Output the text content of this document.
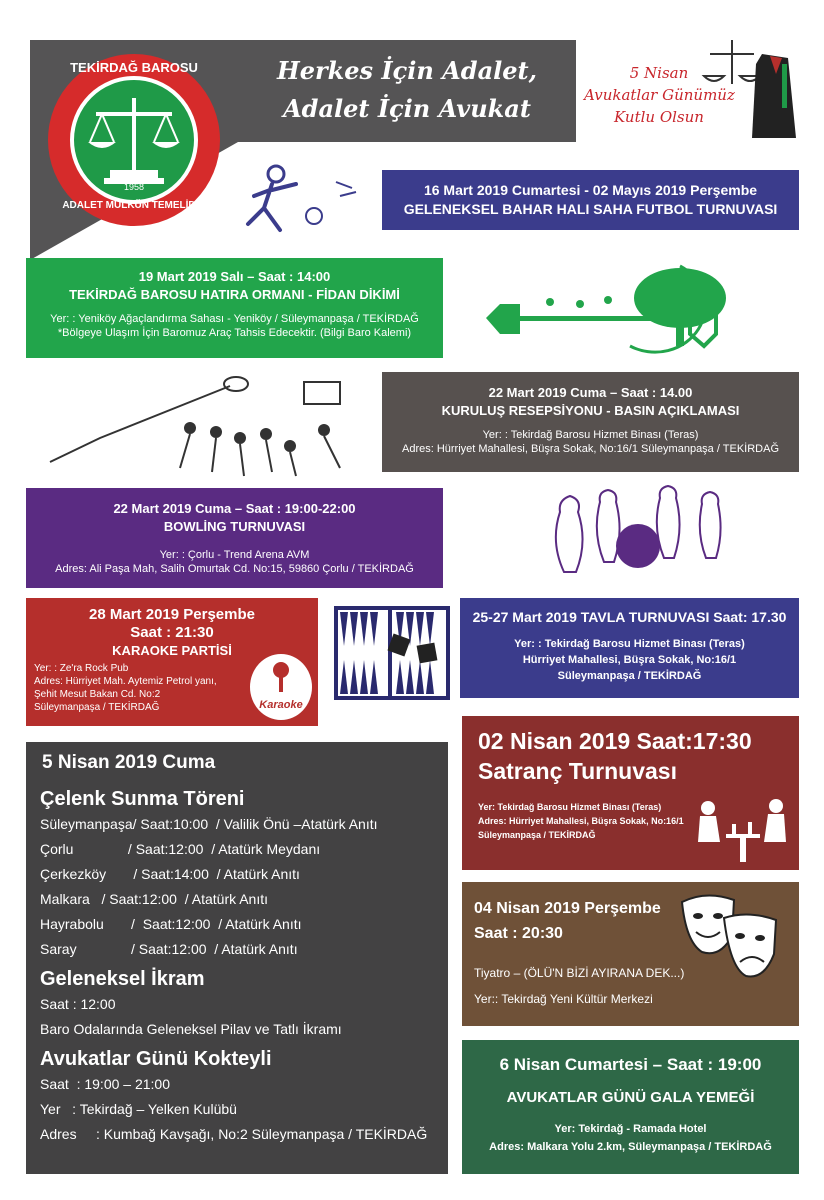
Herkes İçin Adalet,
Adalet İçin Avukat
TEKİRDAĞ BAROSU
ADALET MÜLKÜN TEMELİDİR
1958
5 Nisan
Avukatlar Günümüz
Kutlu Olsun
16 Mart 2019 Cumartesi - 02 Mayıs 2019 Perşembe
GELENEKSEL BAHAR HALI SAHA FUTBOL TURNUVASI
19 Mart 2019 Salı – Saat : 14:00
TEKİRDAĞ BAROSU HATIRA ORMANI - FİDAN DİKİMİ
Yer: : Yeniköy Ağaçlandırma Sahası - Yeniköy / Süleymanpaşa / TEKİRDAĞ
*Bölgeye Ulaşım İçin Baromuz Araç Tahsis Edecektir. (Bilgi Baro Kalemi)
22 Mart 2019 Cuma – Saat : 14.00
KURULUŞ RESEPSİYONU - BASIN AÇIKLAMASI
Yer: : Tekirdağ Barosu Hizmet Binası (Teras)
Adres: Hürriyet Mahallesi, Büşra Sokak, No:16/1 Süleymanpaşa / TEKİRDAĞ
22 Mart 2019 Cuma – Saat : 19:00-22:00
BOWLİNG TURNUVASI
Yer: : Çorlu - Trend Arena AVM
Adres: Ali Paşa Mah, Salih Omurtak Cd. No:15, 59860 Çorlu / TEKİRDAĞ
28 Mart 2019 Perşembe
Saat : 21:30
KARAOKE PARTİSİ
Yer: : Ze'ra Rock Pub
Adres: Hürriyet Mah. Aytemiz Petrol yanı,
Şehit Mesut Bakan Cd. No:2
Süleymanpaşa / TEKİRDAĞ	Karaoke
25-27 Mart 2019 TAVLA TURNUVASI Saat: 17.30
Yer: : Tekirdağ Barosu Hizmet Binası (Teras)
Hürriyet Mahallesi, Büşra Sokak, No:16/1
Süleymanpaşa / TEKİRDAĞ
5 Nisan 2019 Cuma
Çelenk Sunma Töreni
Süleymanpaşa/ Saat:10:00  / Valilik Önü –Atatürk Anıtı
Çorlu              / Saat:12:00  / Atatürk Meydanı
Çerkezköy       / Saat:14:00  / Atatürk Anıtı
Malkara   / Saat:12:00  / Atatürk Anıtı
Hayrabolu       /  Saat:12:00  / Atatürk Anıtı
Saray              / Saat:12:00  / Atatürk Anıtı
Geleneksel İkram
Saat : 12:00
Baro Odalarında Geleneksel Pilav ve Tatlı İkramı
Avukatlar Günü Kokteyli
Saat  : 19:00 – 21:00
Yer   : Tekirdağ – Yelken Kulübü
Adres     : Kumbağ Kavşağı, No:2 Süleymanpaşa / TEKİRDAĞ
02 Nisan 2019 Saat:17:30
Satranç Turnuvası
Yer: Tekirdağ Barosu Hizmet Binası (Teras)
Adres: Hürriyet Mahallesi, Büşra Sokak, No:16/1
Süleymanpaşa / TEKİRDAĞ
04 Nisan 2019 Perşembe
Saat : 20:30
Tiyatro – (ÖLÜ'N BİZİ AYIRANA DEK...)
Yer:: Tekirdağ Yeni Kültür Merkezi
6 Nisan Cumartesi – Saat : 19:00
AVUKATLAR GÜNÜ GALA YEMEĞİ
Yer: Tekirdağ - Ramada Hotel
Adres: Malkara Yolu 2.km, Süleymanpaşa / TEKİRDAĞ
